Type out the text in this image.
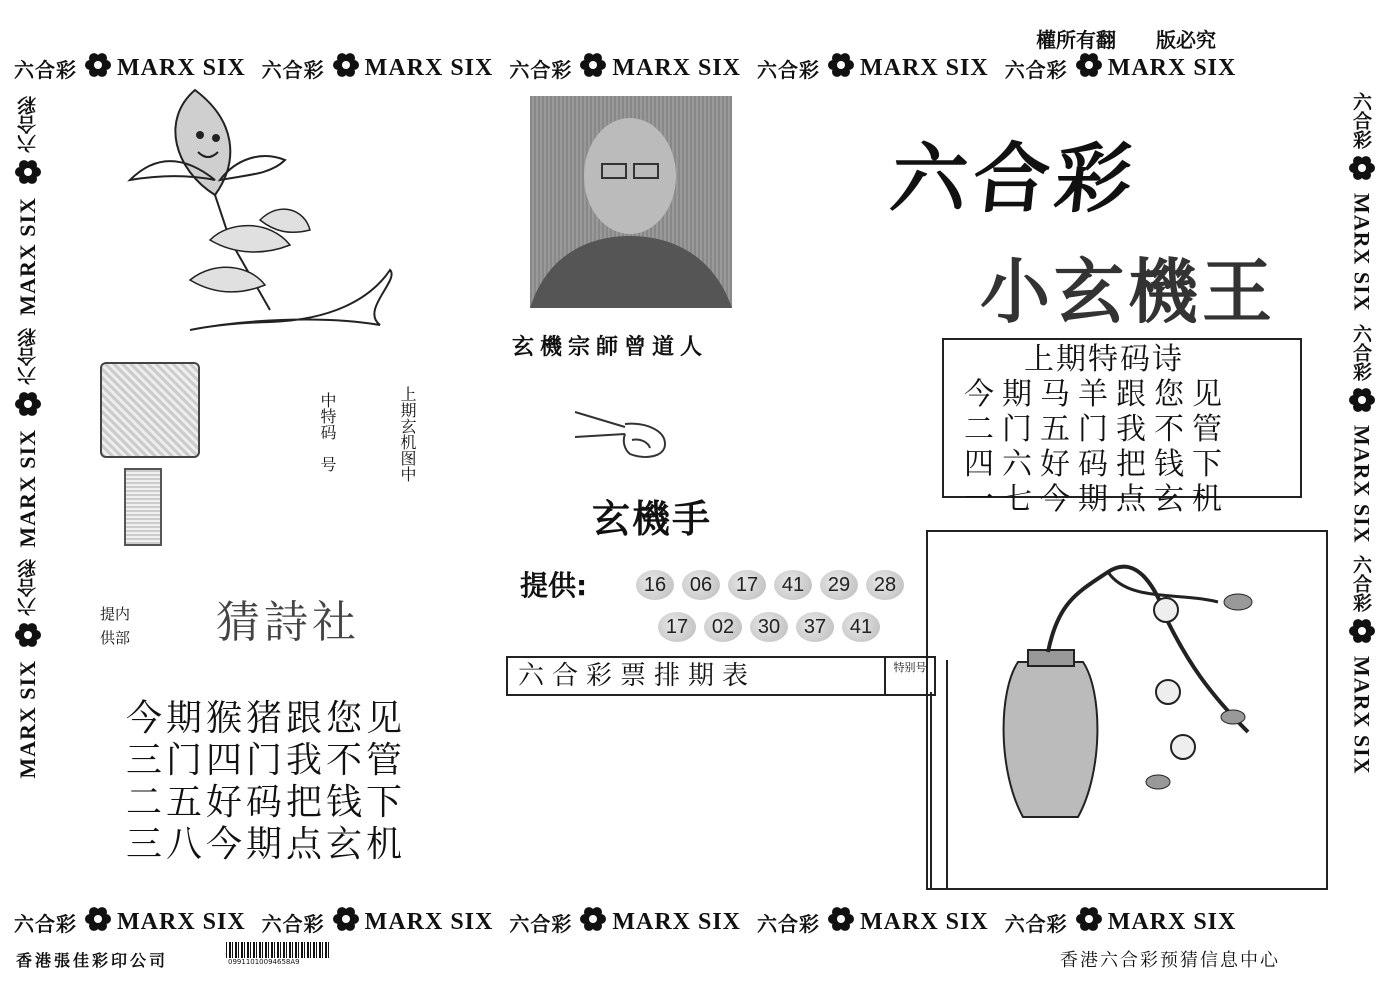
權所有翻　　版必究
六合彩 MARX SIX 六合彩 MARX SIX 六合彩 MARX SIX 六合彩 MARX SIX 六合彩 MARX SIX
六合彩 MARX SIX 六合彩 MARX SIX 六合彩 MARX SIX 六合彩 MARX SIX 六合彩 MARX SIX
六合彩
MARX SIX
六合彩
MARX SIX
六合彩
MARX SIX
六合彩
MARX SIX
六合彩
MARX SIX
六合彩
MARX SIX
中特码　号	上期玄机图中
提内
供部 猜詩社
今期猴猪跟您见
三门四门我不管
二五好码把钱下
三八今期点玄机
玄機宗師曾道人
玄機手
提供:	16	06	17	41	29	28
17	02	30	37	41
六合彩票排期表	特别号
六合彩
小玄機王
上期特码诗
今期马羊跟您见
二门五门我不管
四六好码把钱下
一七今期点玄机
香港張佳彩印公司	09911010094658A9	香港六合彩预猜信息中心
